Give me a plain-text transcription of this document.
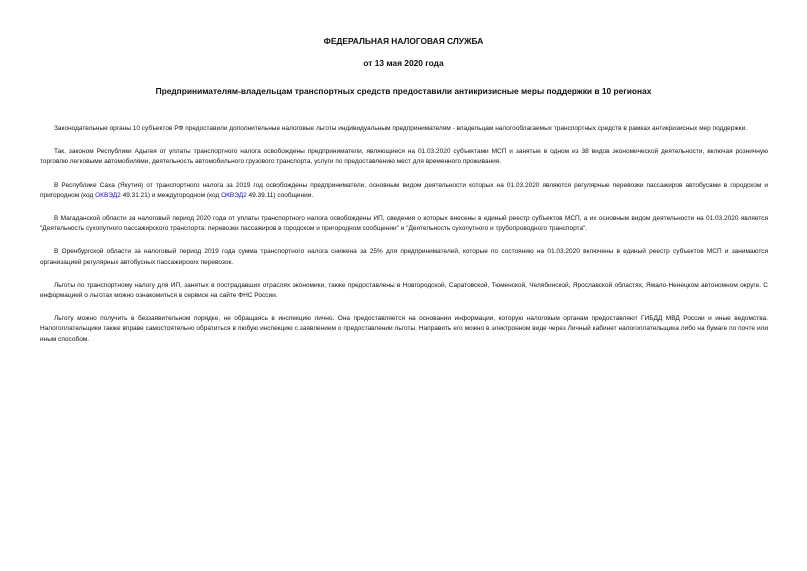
ФЕДЕРАЛЬНАЯ НАЛОГОВАЯ СЛУЖБА

от 13 мая 2020 года

Предпринимателям-владельцам транспортных средств предоставили антикризисные меры поддержки в 10 регионах

Законодательные органы 10 субъектов РФ предоставили дополнительные налоговые льготы индивидуальным предпринимателям - владельцам налогооблагаемых транспортных средств в рамках антикризисных мер поддержки.

Так, законом Республики Адыгея от уплаты транспортного налога освобождены предприниматели, являющиеся на 01.03.2020 субъектами МСП и занятые в одном из 38 видов экономической деятельности, включая розничную торговлю легковыми автомобилями, деятельность автомобильного грузового транспорта, услуги по предоставлению мест для временного проживания.

В Республике Саха (Якутия) от транспортного налога за 2019 год освобождены предприниматели, основным видом деятельности которых на 01.03.2020 являются регулярные перевозки пассажиров автобусами в городском и пригородном (код ОКВЭД2 49.31.21) и междугородном (код ОКВЭД2 49.39.11) сообщении.

В Магаданской области за налоговый период 2020 года от уплаты транспортного налога освобождены ИП, сведения о которых внесены в единый реестр субъектов МСП, а их основным видом деятельности на 01.03.2020 является "Деятельность сухопутного пассажирского транспорта: перевозки пассажиров в городском и пригородном сообщении" и "Деятельность сухопутного и трубопроводного транспорта".

В Оренбургской области за налоговый период 2019 года сумма транспортного налога снижена за 25% для предпринимателей, которые по состоянию на 01.03.2020 включены в единый реестр субъектов МСП и занимаются организацией регулярных автобусных пассажирских перевозок.

Льготы по транспортному налогу для ИП, занятых в пострадавших отраслях экономики, также предоставлены в Новгородской, Саратовской, Тюменской, Челябинской, Ярославской областях, Ямало-Ненецком автономном округе. С информацией о льготах можно ознакомиться в сервисе на сайте ФНС России.

Льготу можно получить в беззаявительном порядке, не обращаясь в инспекцию лично. Она предоставляется на основании информации, которую налоговым органам предоставляют ГИБДД МВД России и иные ведомства. Налогоплательщики также вправе самостоятельно обратиться в любую инспекцию с заявлением о предоставлении льготы. Направить его можно в электронном виде через Личный кабинет налогоплательщика либо на бумаге по почте или иным способом.
